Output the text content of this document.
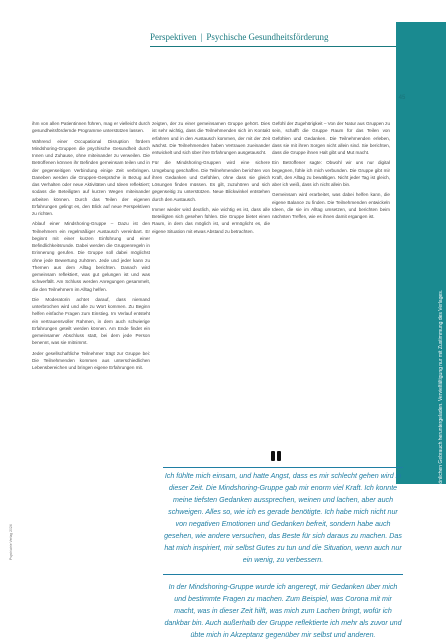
Perspektiven | Psychische Gesundheitsförderung
45
Dieses Dokument wurde zum persönlichen Gebrauch heruntergeladen. Vervielfältigung nur mit Zustimmung des Verlages.
Psychiatrie Verlag 2024

ihm von allen Patientinnen führen, mag er vielleicht durch gesundheitsfördernde Programme unterstützen lassen.

Während einer Occupational Disruption fördern Mindshoring-Gruppen die psychische Gesundheit durch Innen und Zuhause, ohne miteinander zu verweilen. Die Betroffenen können ihr Befinden gemeinsam teilen und in der gegenseitigen Verbindung einige Zeit verbringen. Daneben werden die Gruppen-Gespräche in Bezug auf das Verhalten oder neue Aktivitäten und Ideen reflektiert; sodass die Beteiligten auf kurzen Wegen miteinander arbeiten können. Durch das Teilen der eigenen Erfahrungen gelingt es, den Blick auf neue Perspektiven zu richten.

Ablauf einer Mindshoring-Gruppe – Dazu ist den Teilnehmern ein regelmäßiger Austausch vereinbart. Er beginnt mit einer kurzen Einführung und einer Befindlichkeitsrunde. Dabei werden die Gruppenregeln in Erinnerung gerufen. Die Gruppe soll dabei möglichst ohne jede Bewertung zuhören. Jede und jeder kann zu Themen aus dem Alltag berichten. Danach wird gemeinsam reflektiert, was gut gelungen ist und was schwerfällt. Am Schluss werden Anregungen gesammelt, die den Teilnehmern im Alltag helfen.

Die Moderatorin achtet darauf, dass niemand unterbrochen wird und alle zu Wort kommen. Zu Beginn helfen einfache Fragen zum Einstieg. Im Verlauf entsteht ein vertrauensvoller Rahmen, in dem auch schwierige Erfahrungen geteilt werden können. Am Ende findet ein gemeinsamer Abschluss statt, bei dem jede Person benennt, was sie mitnimmt.

Jeder gesellschaftliche Teilnehmer trägt zur Gruppe bei: Die Teilnehmenden kommen aus unterschiedlichen Lebensbereichen und bringen eigene Erfahrungen mit.

zeigten, der zu einer gemeinsamen Gruppe gehört. Dies ist sehr wichtig, dass die Teilnehmenden sich im Kontakt erfahren und in den Austausch kommen, der mit der Zeit wächst. Die Teilnehmenden haben Vertrauen zueinander entwickelt und sich über ihre Erfahrungen ausgetauscht.

Für die Mindshoring-Gruppen wird eine sichere Umgebung geschaffen. Die Teilnehmenden berichten von ihren Gedanken und Gefühlen, ohne dass sie gleich Lösungen finden müssen. Es gilt, zuzuhören und sich gegenseitig zu unterstützen. Neue Blickwinkel entstehen durch den Austausch.

Immer wieder wird deutlich, wie wichtig es ist, dass alle Beteiligten sich gesehen fühlen. Die Gruppe bietet einen Raum, in dem das möglich ist, und ermöglicht es, die eigene Situation mit etwas Abstand zu betrachten.

Gefühl der Zugehörigkeit – Von der Natur aus Gruppen zu sein, schafft die Gruppe Raum für das Teilen von Gefühlen und Gedanken. Die Teilnehmenden erleben, dass sie mit ihren Sorgen nicht allein sind. Sie berichten, dass die Gruppe ihnen Halt gibt und Mut macht.

Ein Betroffener sagte: Obwohl wir uns nur digital begegnen, fühle ich mich verbunden. Die Gruppe gibt mir Kraft, den Alltag zu bewältigen. Nicht jeder Tag ist gleich, aber ich weiß, dass ich nicht allein bin.

Gemeinsam wird erarbeitet, was dabei helfen kann, die eigene Balance zu finden. Die Teilnehmenden entwickeln Ideen, die sie im Alltag umsetzen, und berichten beim nächsten Treffen, wie es ihnen damit ergangen ist.

Ich fühlte mich einsam, und hatte Angst, dass es mir schlecht gehen wird in dieser Zeit. Die Mindshoring-Gruppe gab mir enorm viel Kraft. Ich konnte meine tiefsten Gedanken aussprechen, weinen und lachen, aber auch schweigen. Alles so, wie ich es gerade benötigte. Ich habe mich nicht nur von negativen Emotionen und Gedanken befreit, sondern habe auch gesehen, wie andere versuchen, das Beste für sich daraus zu machen. Das hat mich inspiriert, mir selbst Gutes zu tun und die Situation, wenn auch nur ein wenig, zu verbessern.

In der Mindshoring-Gruppe wurde ich angeregt, mir Gedanken über mich und bestimmte Fragen zu machen. Zum Beispiel, was Corona mit mir macht, was in dieser Zeit hilft, was mich zum Lachen bringt, wofür ich dankbar bin. Auch außerhalb der Gruppe reflektierte ich mehr als zuvor und übte mich in Akzeptanz gegenüber mir selbst und anderen.
